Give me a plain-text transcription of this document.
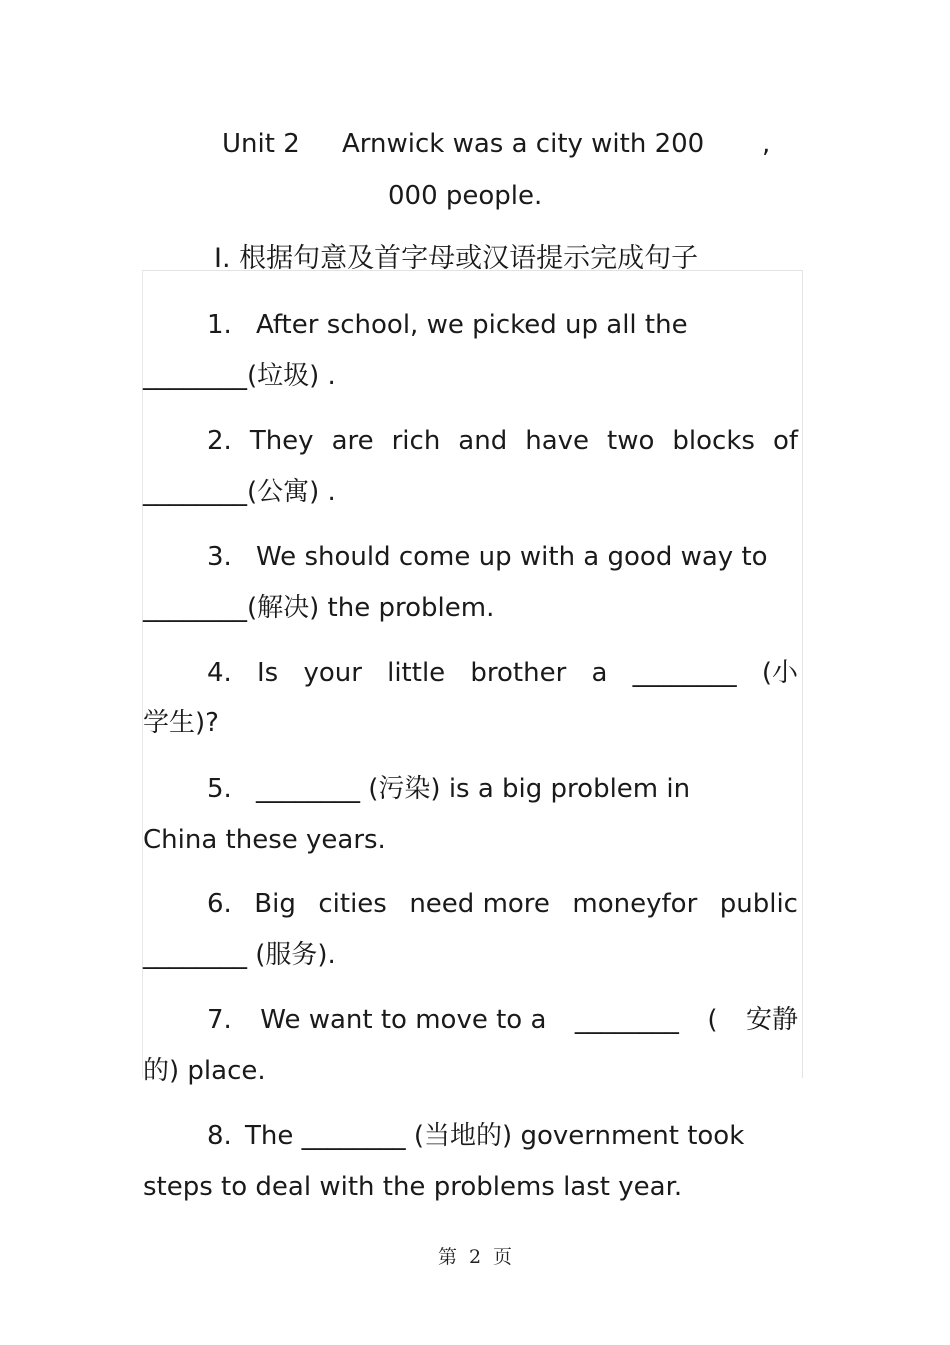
Unit 2 Arnwick was a city with 200 ,
000 people.
Ⅰ. 根据句意及首字母或汉语提示完成句子
1. After school, we picked up all the
________(垃圾) .
2. They are rich and have two blocks of
________(公寓) .
3. We should come up with a good way to
________(解决) the problem.
4. Is your little brother a ________ (小
学生)?
5. ________ (污染) is a big problem in
China these years.
6. Big cities need more moneyfor public
________ (服务).
7. We want to move to a ________ ( 安静
的) place.
8. The ________ (当地的) government took
steps to deal with the problems last year.
第 2 页
